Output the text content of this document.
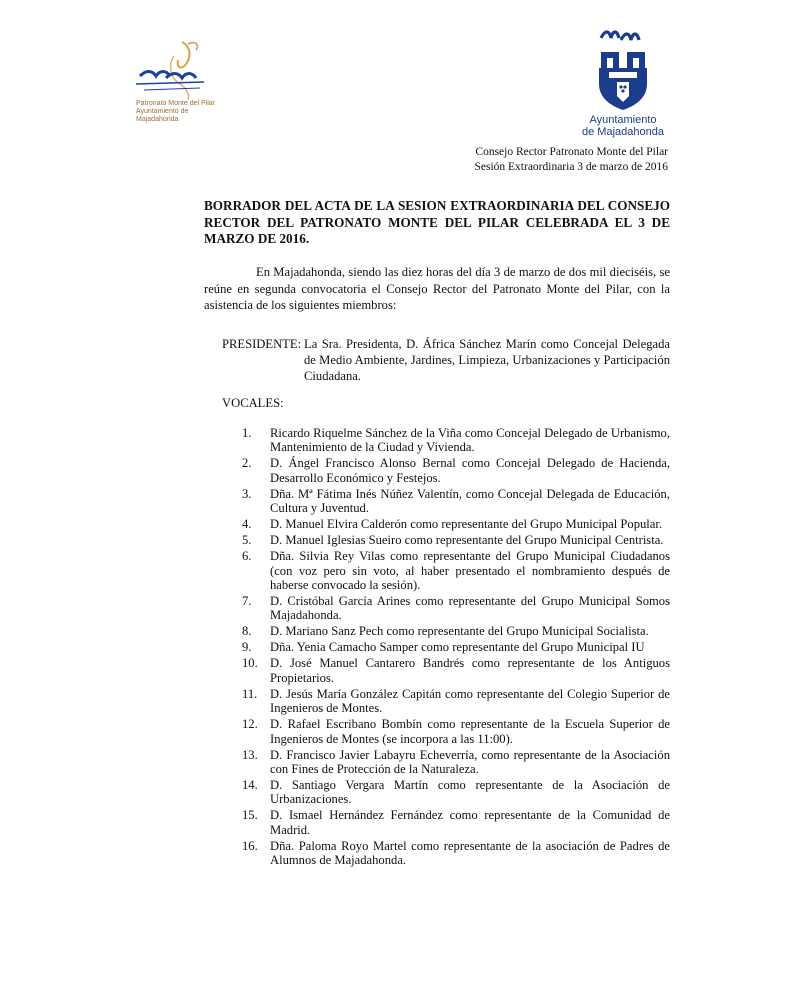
Patronato Monte del Pilar
Ayuntamiento de Majadahonda	Ayuntamiento
de Majadahonda
Consejo Rector Patronato Monte del Pilar
Sesión Extraordinaria 3 de marzo de 2016
BORRADOR DEL ACTA DE LA SESION EXTRAORDINARIA DEL CONSEJO RECTOR DEL PATRONATO MONTE DEL PILAR CELEBRADA EL 3 DE MARZO DE 2016.

En Majadahonda, siendo las diez horas del día 3 de marzo de dos mil dieciséis, se reúne en segunda convocatoria el Consejo Rector del Patronato Monte del Pilar, con la asistencia de los siguientes miembros:

PRESIDENTE: La Sra. Presidenta, D. África Sánchez Marín como Concejal Delegada de Medio Ambiente, Jardines, Limpieza, Urbanizaciones y Participación Ciudadana.
VOCALES:
1.	Ricardo Riquelme Sánchez de la Viña como Concejal Delegado de Urbanismo, Mantenimiento de la Ciudad y Vivienda.
2.	D. Ángel Francisco Alonso Bernal como Concejal Delegado de Hacienda, Desarrollo Económico y Festejos.
3.	Dña. Mª Fátima Inés Núñez Valentín, como Concejal Delegada de Educación, Cultura y Juventud.
4.	D. Manuel Elvira Calderón como representante del Grupo Municipal Popular.
5.	D. Manuel Iglesias Sueiro como representante del Grupo Municipal Centrista.
6.	Dña. Silvia Rey Vilas como representante del Grupo Municipal Ciudadanos (con voz pero sin voto, al haber presentado el nombramiento después de haberse convocado la sesión).
7.	D. Cristóbal García Arines como representante del Grupo Municipal Somos Majadahonda.
8.	D. Mariano Sanz Pech como representante del Grupo Municipal Socialista.
9.	Dña. Yenia Camacho Samper como representante del Grupo Municipal IU
10. D. José Manuel Cantarero Bandrés como representante de los Antiguos Propietarios.
11.	D. Jesús María González Capitán como representante del Colegio Superior de Ingenieros de Montes.
12. D. Rafael Escribano Bombín como representante de la Escuela Superior de Ingenieros de Montes (se incorpora a las 11:00).
13. D. Francisco Javier Labayru Echeverría, como representante de la Asociación con Fines de Protección de la Naturaleza.
14. D. Santiago Vergara Martín como representante de la Asociación de Urbanizaciones.
15. D. Ismael Hernández Fernández como representante de la Comunidad de Madrid.
16. Dña. Paloma Royo Martel como representante de la asociación de Padres de Alumnos de Majadahonda.
